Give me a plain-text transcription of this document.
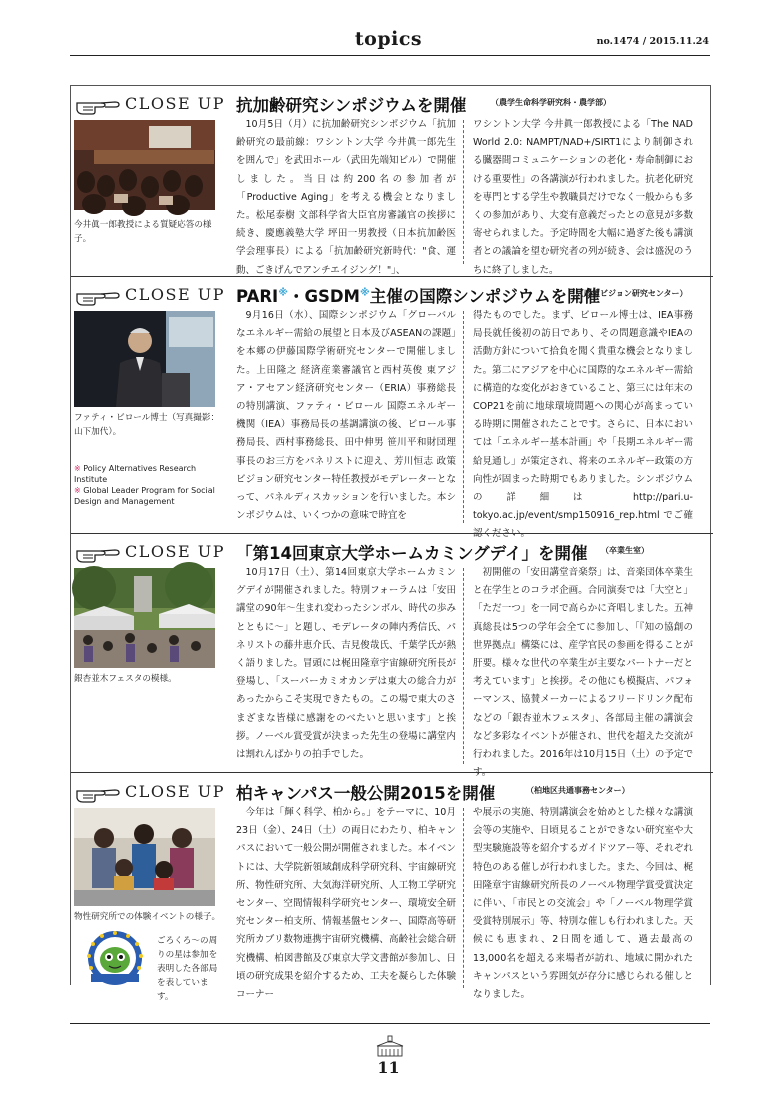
topics	no.1474 / 2015.11.24
CLOSE UP 抗加齢研究シンポジウムを開催	（農学生命科学研究科・農学部）
今井眞一郎教授による質疑応答の様子。

10月5日（月）に抗加齢研究シンポジウム「抗加齢研究の最前線：ワシントン大学 今井眞一郎先生を囲んで」を武田ホール（武田先端知ビル）で開催しました。当日は約200名の参加者が「Productive Aging」を考える機会となりました。松尾泰樹 文部科学省大臣官房審議官の挨拶に続き、慶應義塾大学 坪田一男教授（日本抗加齢医学会理事長）による「抗加齢研究新時代："食、運動、ごきげんでアンチエイジング！"」、

ワシントン大学 今井眞一郎教授による「The NAD World 2.0: NAMPT/NAD+/SIRT1により制御される臓器間コミュニケーションの老化・寿命制御における重要性」の各講演が行われました。抗老化研究を専門とする学生や教職員だけでなく一般からも多くの参加があり、大変有意義だったとの意見が多数寄せられました。予定時間を大幅に過ぎた後も講演者との議論を望む研究者の列が続き、会は盛況のうちに終了しました。

CLOSE UP PARI※・GSDM※主催の国際シンポジウムを開催
（政策ビジョン研究センター）
ファティ・ビロール博士（写真撮影：山下加代）。
※ Policy Alternatives Research Institute
※ Global Leader Program for Social Design and Management

9月16日（水）、国際シンポジウム「グローバルなエネルギー需給の展望と日本及びASEANの課題」を本郷の伊藤国際学術研究センターで開催しました。上田隆之 経済産業審議官と西村英俊 東アジア・アセアン経済研究センター（ERIA）事務総長の特別講演、ファティ・ビロール 国際エネルギー機関（IEA）事務局長の基調講演の後、ビロール事務局長、西村事務総長、田中伸男 笹川平和財団理事長のお三方をパネリストに迎え、芳川恒志 政策ビジョン研究センター特任教授がモデレーターとなって、パネルディスカッションを行いました。本シンポジウムは、いくつかの意味で時宜を

得たものでした。まず、ビロール博士は、IEA事務局長就任後初の訪日であり、その問題意識やIEAの活動方針について拾負を聞く貴重な機会となりました。第二にアジアを中心に国際的なエネルギー需給に構造的な変化がおきていること、第三には年末のCOP21を前に地球環境問題への関心が高まっている時期に開催されたことです。さらに、日本においては「エネルギー基本計画」や「長期エネルギー需給見通し」が策定され、将来のエネルギー政策の方向性が固まった時期でもありました。シンポジウムの詳細は http://pari.u-tokyo.ac.jp/event/smp150916_rep.html でご確認ください。

CLOSE UP 「第14回東京大学ホームカミングデイ」を開催 （卒業生室）
銀杏並木フェスタの模様。

10月17日（土）、第14回東京大学ホームカミングデイが開催されました。特別フォーラムは「安田講堂の90年〜生まれ変わったシンボル、時代の歩みとともに〜」と題し、モデレータの陣内秀信氏、パネリストの藤井恵介氏、吉見俊哉氏、千葉学氏が熱く語りました。冒頭には梶田隆章宇宙線研究所長が登場し、「スーパーカミオカンデは東大の総合力があったからこそ実現できたもの。この場で東大のさまざまな皆様に感謝をのべたいと思います」と挨拶。ノーベル賞受賞が決まった先生の登場に講堂内は割れんばかりの拍手でした。

初開催の「安田講堂音楽祭」は、音楽団体卒業生と在学生とのコラボ企画。合同演奏では「大空と」「ただ一つ」を一同で高らかに斉唱しました。五神真総長は5つの学年会全てに参加し、「『知の協創の世界拠点』構築には、産学官民の参画を得ることが肝要。様々な世代の卒業生が主要なパートナーだと考えています」と挨拶。その他にも模擬店、パフォーマンス、協賛メーカーによるフリードリンク配布などの「銀杏並木フェスタ」、各部局主催の講演会など多彩なイベントが催され、世代を超えた交流が行われました。2016年は10月15日（土）の予定です。

CLOSE UP 柏キャンパス一般公開2015を開催	（柏地区共通事務センター）
物性研究所での体験イベントの様子。
ごろくろ〜の周りの星は参加を表明した各部局を表しています。

今年は「輝く科学、柏から。」をテーマに、10月23日（金）、24日（土）の両日にわたり、柏キャンパスにおいて一般公開が開催されました。本イベントには、大学院新領域創成科学研究科、宇宙線研究所、物性研究所、大気海洋研究所、人工物工学研究センター、空間情報科学研究センター、環境安全研究センター柏支所、情報基盤センター、国際高等研究所カブリ数物連携宇宙研究機構、高齢社会総合研究機構、柏図書館及び東京大学文書館が参加し、日頃の研究成果を紹介するため、工夫を凝らした体験コーナー

や展示の実施、特別講演会を始めとした様々な講演会等の実施や、日頃見ることができない研究室や大型実験施設等を紹介するガイドツアー等、それぞれ特色のある催しが行われました。また、今回は、梶田隆章宇宙線研究所長のノーベル物理学賞受賞決定に伴い、「市民との交流会」や「ノーベル物理学賞受賞特別展示」等、特別な催しも行われました。天候にも恵まれ、2日間を通して、過去最高の13,000名を超える来場者が訪れ、地域に開かれたキャンパスという雰囲気が存分に感じられる催しとなりました。

11
